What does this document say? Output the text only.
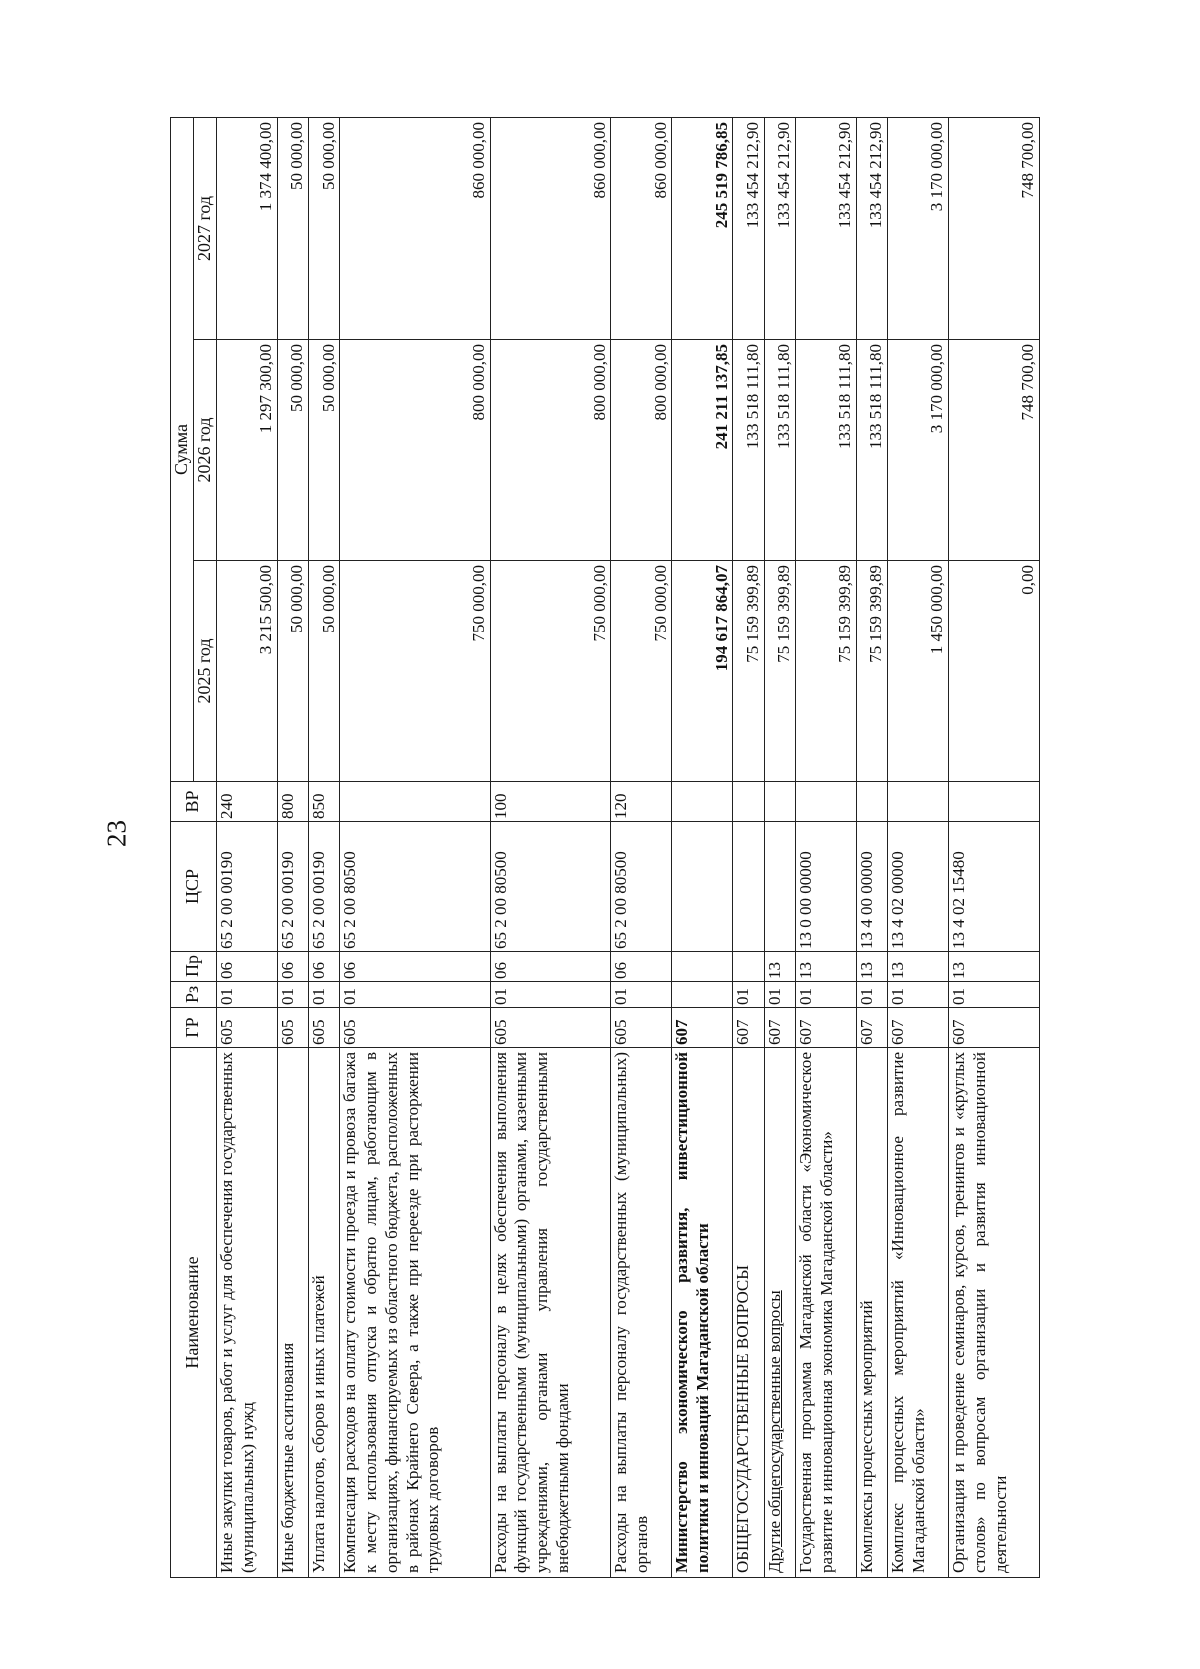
23
Наименование	ГР	Рз	Пр	ЦСР	ВР	Сумма		
						2025 год	2026 год	2027 год
Иные закупки товаров, работ и услуг для обеспечения государственных (муниципальных) нужд	605	01	06	65 2 00 00190	240	3 215 500,00	1 297 300,00	1 374 400,00
Иные бюджетные ассигнования	605	01	06	65 2 00 00190	800	50 000,00	50 000,00	50 000,00
Уплата налогов, сборов и иных платежей	605	01	06	65 2 00 00190	850	50 000,00	50 000,00	50 000,00
Компенсация расходов на оплату стоимости проезда и провоза багажа к месту использования отпуска и обратно лицам, работающим в организациях, финансируемых из областного бюджета, расположенных в районах Крайнего Севера, а также при переезде при расторжении трудовых договоров	605	01	06	65 2 00 80500		750 000,00	800 000,00	860 000,00
Расходы на выплаты персоналу в целях обеспечения выполнения функций государственными (муниципальными) органами, казенными учреждениями, органами управления государственными внебюджетными фондами	605	01	06	65 2 00 80500	100	750 000,00	800 000,00	860 000,00
Расходы на выплаты персоналу государственных (муниципальных) органов	605	01	06	65 2 00 80500	120	750 000,00	800 000,00	860 000,00
Министерство экономического развития, инвестиционной политики и инноваций Магаданской области	607					194 617 864,07	241 211 137,85	245 519 786,85
ОБЩЕГОСУДАРСТВЕННЫЕ ВОПРОСЫ	607	01				75 159 399,89	133 518 111,80	133 454 212,90
Другие общегосударственные вопросы	607	01	13			75 159 399,89	133 518 111,80	133 454 212,90
Государственная программа Магаданской области «Экономическое развитие и инновационная экономика Магаданской области»	607	01	13	13 0 00 00000		75 159 399,89	133 518 111,80	133 454 212,90
Комплексы процессных мероприятий	607	01	13	13 4 00 00000		75 159 399,89	133 518 111,80	133 454 212,90
Комплекс процессных мероприятий «Инновационное развитие Магаданской области»	607	01	13	13 4 02 00000		1 450 000,00	3 170 000,00	3 170 000,00
Организация и проведение семинаров, курсов, тренингов и «круглых столов» по вопросам организации и развития инновационной деятельности	607	01	13	13 4 02 15480		0,00	748 700,00	748 700,00
